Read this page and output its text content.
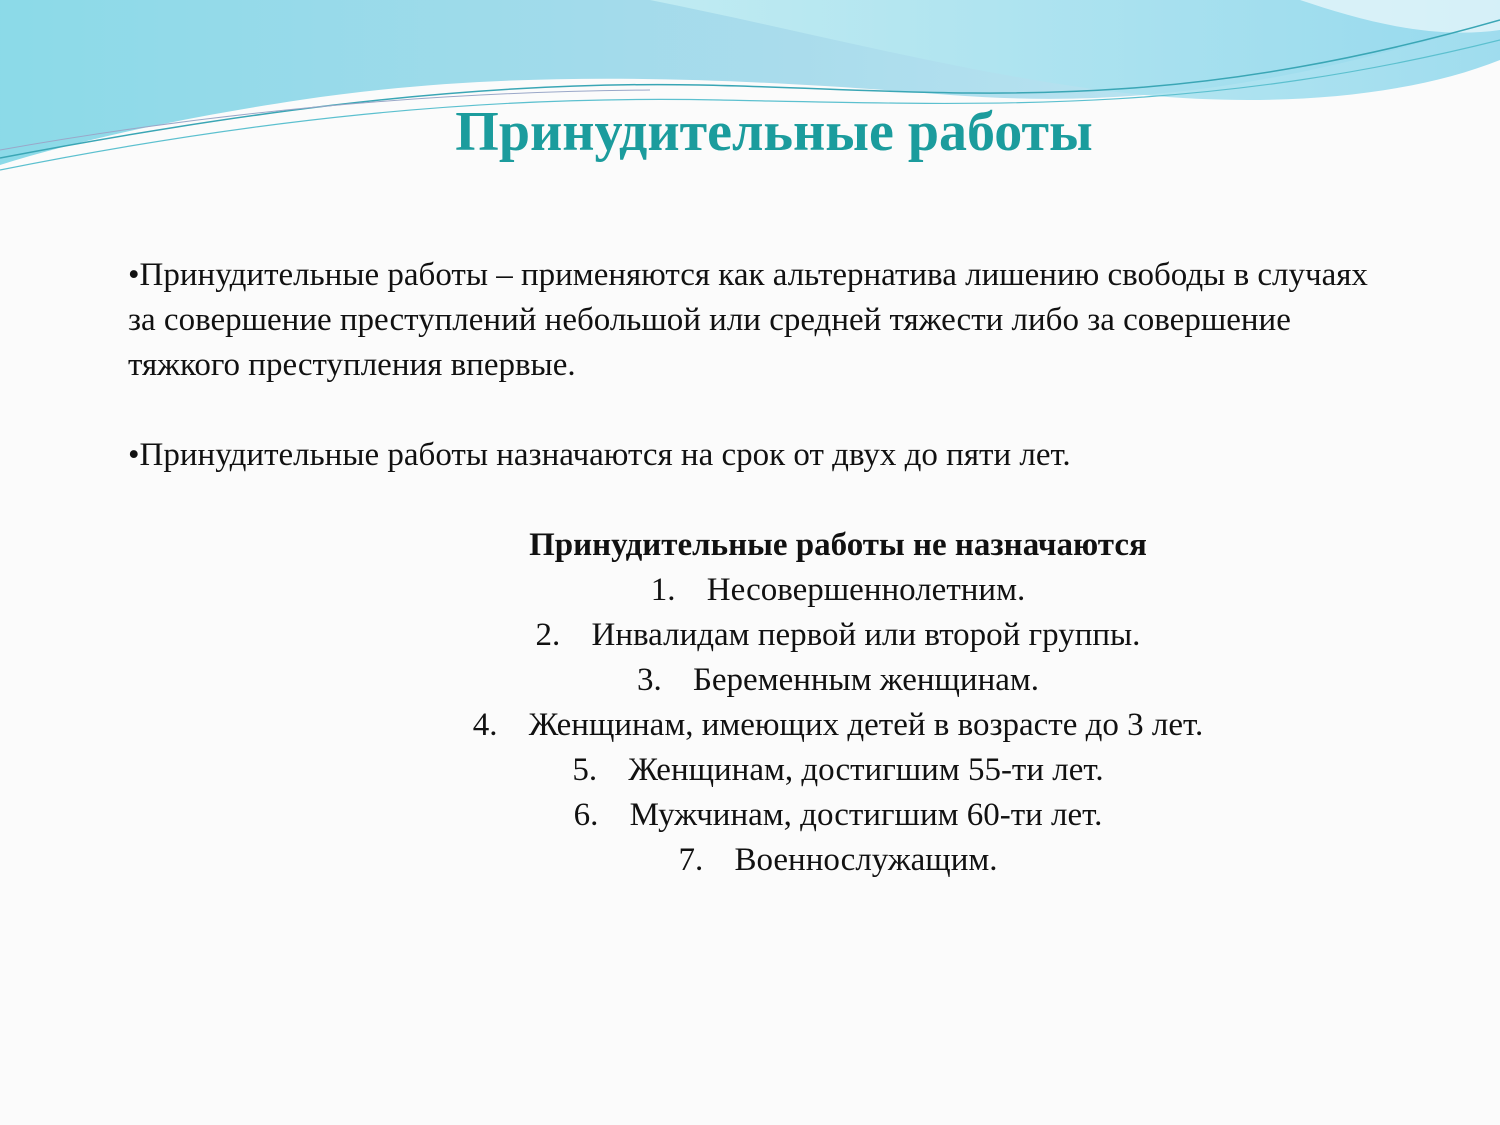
Принудительные работы

•Принудительные работы – применяются как альтернатива лишению свободы в случаях за совершение преступлений небольшой или средней тяжести либо за совершение тяжкого преступления впервые.

•Принудительные работы назначаются на срок от двух до пяти лет.

Принудительные работы не назначаются

1. Несовершеннолетним.
2. Инвалидам первой или второй группы.
3. Беременным женщинам.
4. Женщинам, имеющих детей в возрасте до 3 лет.
5. Женщинам, достигшим 55-ти лет.
6. Мужчинам, достигшим 60-ти лет.
7. Военнослужащим.
